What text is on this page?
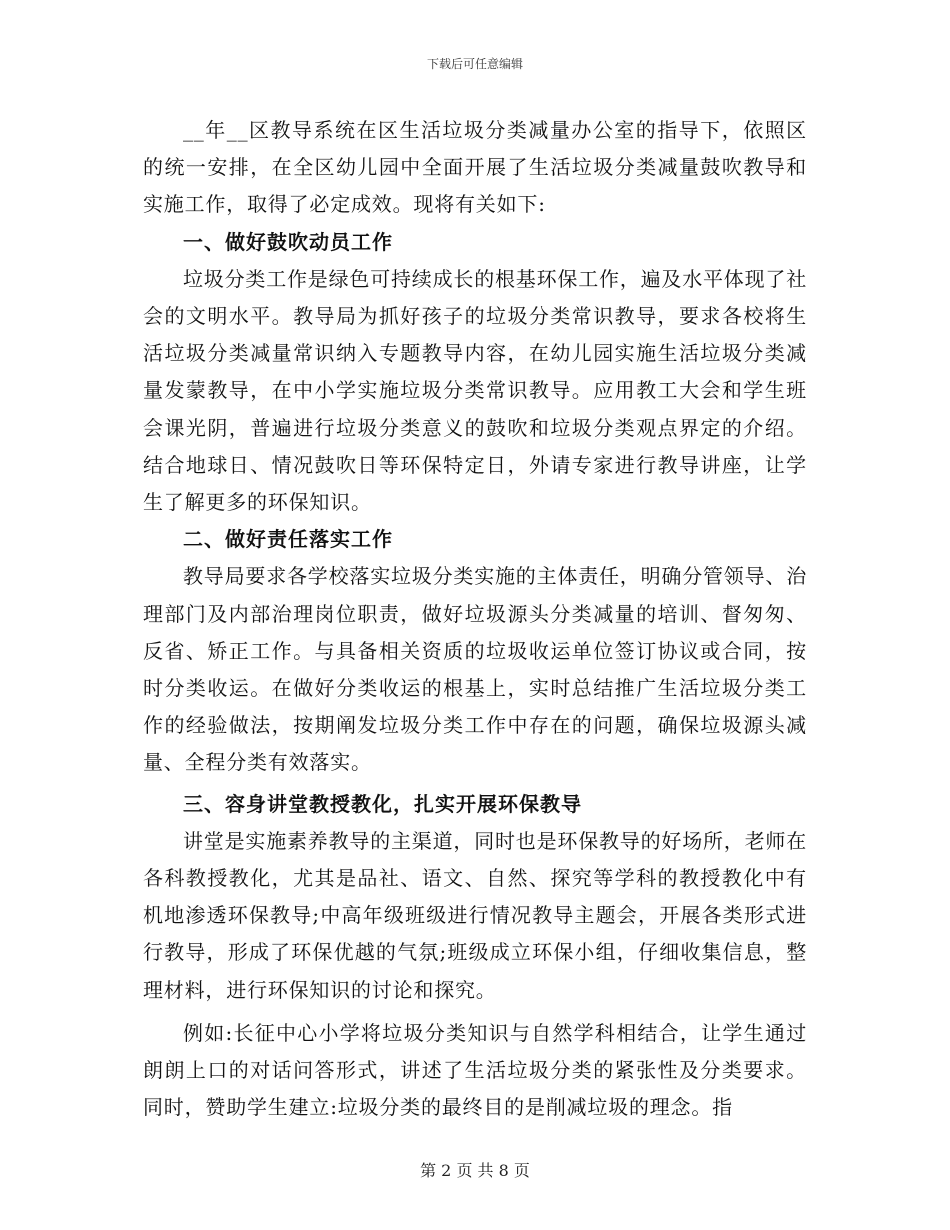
下载后可任意编辑

__年__区教导系统在区生活垃圾分类减量办公室的指导下，依照区的统一安排，在全区幼儿园中全面开展了生活垃圾分类减量鼓吹教导和实施工作，取得了必定成效。现将有关如下:

一、做好鼓吹动员工作

垃圾分类工作是绿色可持续成长的根基环保工作，遍及水平体现了社会的文明水平。教导局为抓好孩子的垃圾分类常识教导，要求各校将生活垃圾分类减量常识纳入专题教导内容，在幼儿园实施生活垃圾分类减量发蒙教导，在中小学实施垃圾分类常识教导。应用教工大会和学生班会课光阴，普遍进行垃圾分类意义的鼓吹和垃圾分类观点界定的介绍。结合地球日、情况鼓吹日等环保特定日，外请专家进行教导讲座，让学生了解更多的环保知识。

二、做好责任落实工作

教导局要求各学校落实垃圾分类实施的主体责任，明确分管领导、治理部门及内部治理岗位职责，做好垃圾源头分类减量的培训、督匆匆、反省、矫正工作。与具备相关资质的垃圾收运单位签订协议或合同，按时分类收运。在做好分类收运的根基上，实时总结推广生活垃圾分类工作的经验做法，按期阐发垃圾分类工作中存在的问题，确保垃圾源头减量、全程分类有效落实。

三、容身讲堂教授教化，扎实开展环保教导

讲堂是实施素养教导的主渠道，同时也是环保教导的好场所，老师在各科教授教化，尤其是品社、语文、自然、探究等学科的教授教化中有机地渗透环保教导;中高年级班级进行情况教导主题会，开展各类形式进行教导，形成了环保优越的气氛;班级成立环保小组，仔细收集信息，整理材料，进行环保知识的讨论和探究。

例如:长征中心小学将垃圾分类知识与自然学科相结合，让学生通过朗朗上口的对话问答形式，讲述了生活垃圾分类的紧张性及分类要求。同时，赞助学生建立:垃圾分类的最终目的是削减垃圾的理念。指

第 2 页 共 8 页
